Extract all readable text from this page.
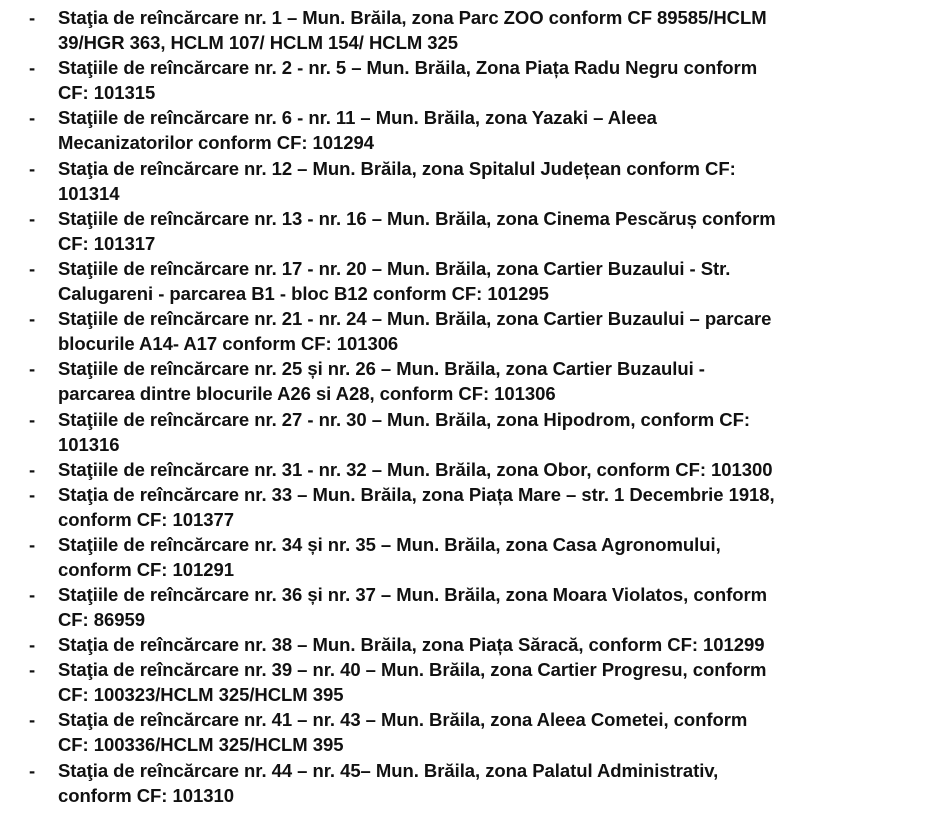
-	Staţia de reîncărcare nr. 1 – Mun. Brăila, zona Parc ZOO conform CF 89585/HCLM
39/HGR 363, HCLM 107/ HCLM 154/ HCLM 325
-	Staţiile de reîncărcare nr. 2 - nr. 5 – Mun. Brăila, Zona Piața Radu Negru conform
CF: 101315
-	Staţiile de reîncărcare nr. 6 - nr. 11 – Mun. Brăila, zona Yazaki – Aleea
Mecanizatorilor conform CF: 101294
-	Staţia de reîncărcare nr. 12 – Mun. Brăila, zona Spitalul Județean conform CF:
101314
-	Staţiile de reîncărcare nr. 13 - nr. 16 – Mun. Brăila, zona Cinema Pescăruș conform
CF: 101317
-	Staţiile de reîncărcare nr. 17 - nr. 20 – Mun. Brăila, zona Cartier Buzaului - Str.
Calugareni - parcarea B1 - bloc B12 conform CF: 101295
-	Staţiile de reîncărcare nr. 21 - nr. 24 – Mun. Brăila, zona Cartier Buzaului – parcare
blocurile A14- A17 conform CF: 101306
-	Staţiile de reîncărcare nr. 25 și nr. 26 – Mun. Brăila, zona Cartier Buzaului -
parcarea dintre blocurile A26 si A28, conform CF: 101306
-	Staţiile de reîncărcare nr. 27 - nr. 30 – Mun. Brăila, zona Hipodrom, conform CF:
101316
-	Staţiile de reîncărcare nr. 31 - nr. 32 – Mun. Brăila, zona Obor, conform CF: 101300
-	Staţia de reîncărcare nr. 33 – Mun. Brăila, zona Piața Mare – str. 1 Decembrie 1918,
conform CF: 101377
-	Staţiile de reîncărcare nr. 34 și nr. 35 – Mun. Brăila, zona Casa Agronomului,
conform CF: 101291
-	Staţiile de reîncărcare nr. 36 și nr. 37 – Mun. Brăila, zona Moara Violatos, conform
CF: 86959
-	Staţia de reîncărcare nr. 38 – Mun. Brăila, zona Piața Săracă, conform CF: 101299
-	Staţia de reîncărcare nr. 39 – nr. 40 – Mun. Brăila, zona Cartier Progresu, conform
CF: 100323/HCLM 325/HCLM 395
-	Staţia de reîncărcare nr. 41 – nr. 43 – Mun. Brăila, zona Aleea Cometei, conform
CF: 100336/HCLM 325/HCLM 395
-	Staţia de reîncărcare nr. 44 – nr. 45– Mun. Brăila, zona Palatul Administrativ,
conform CF: 101310
